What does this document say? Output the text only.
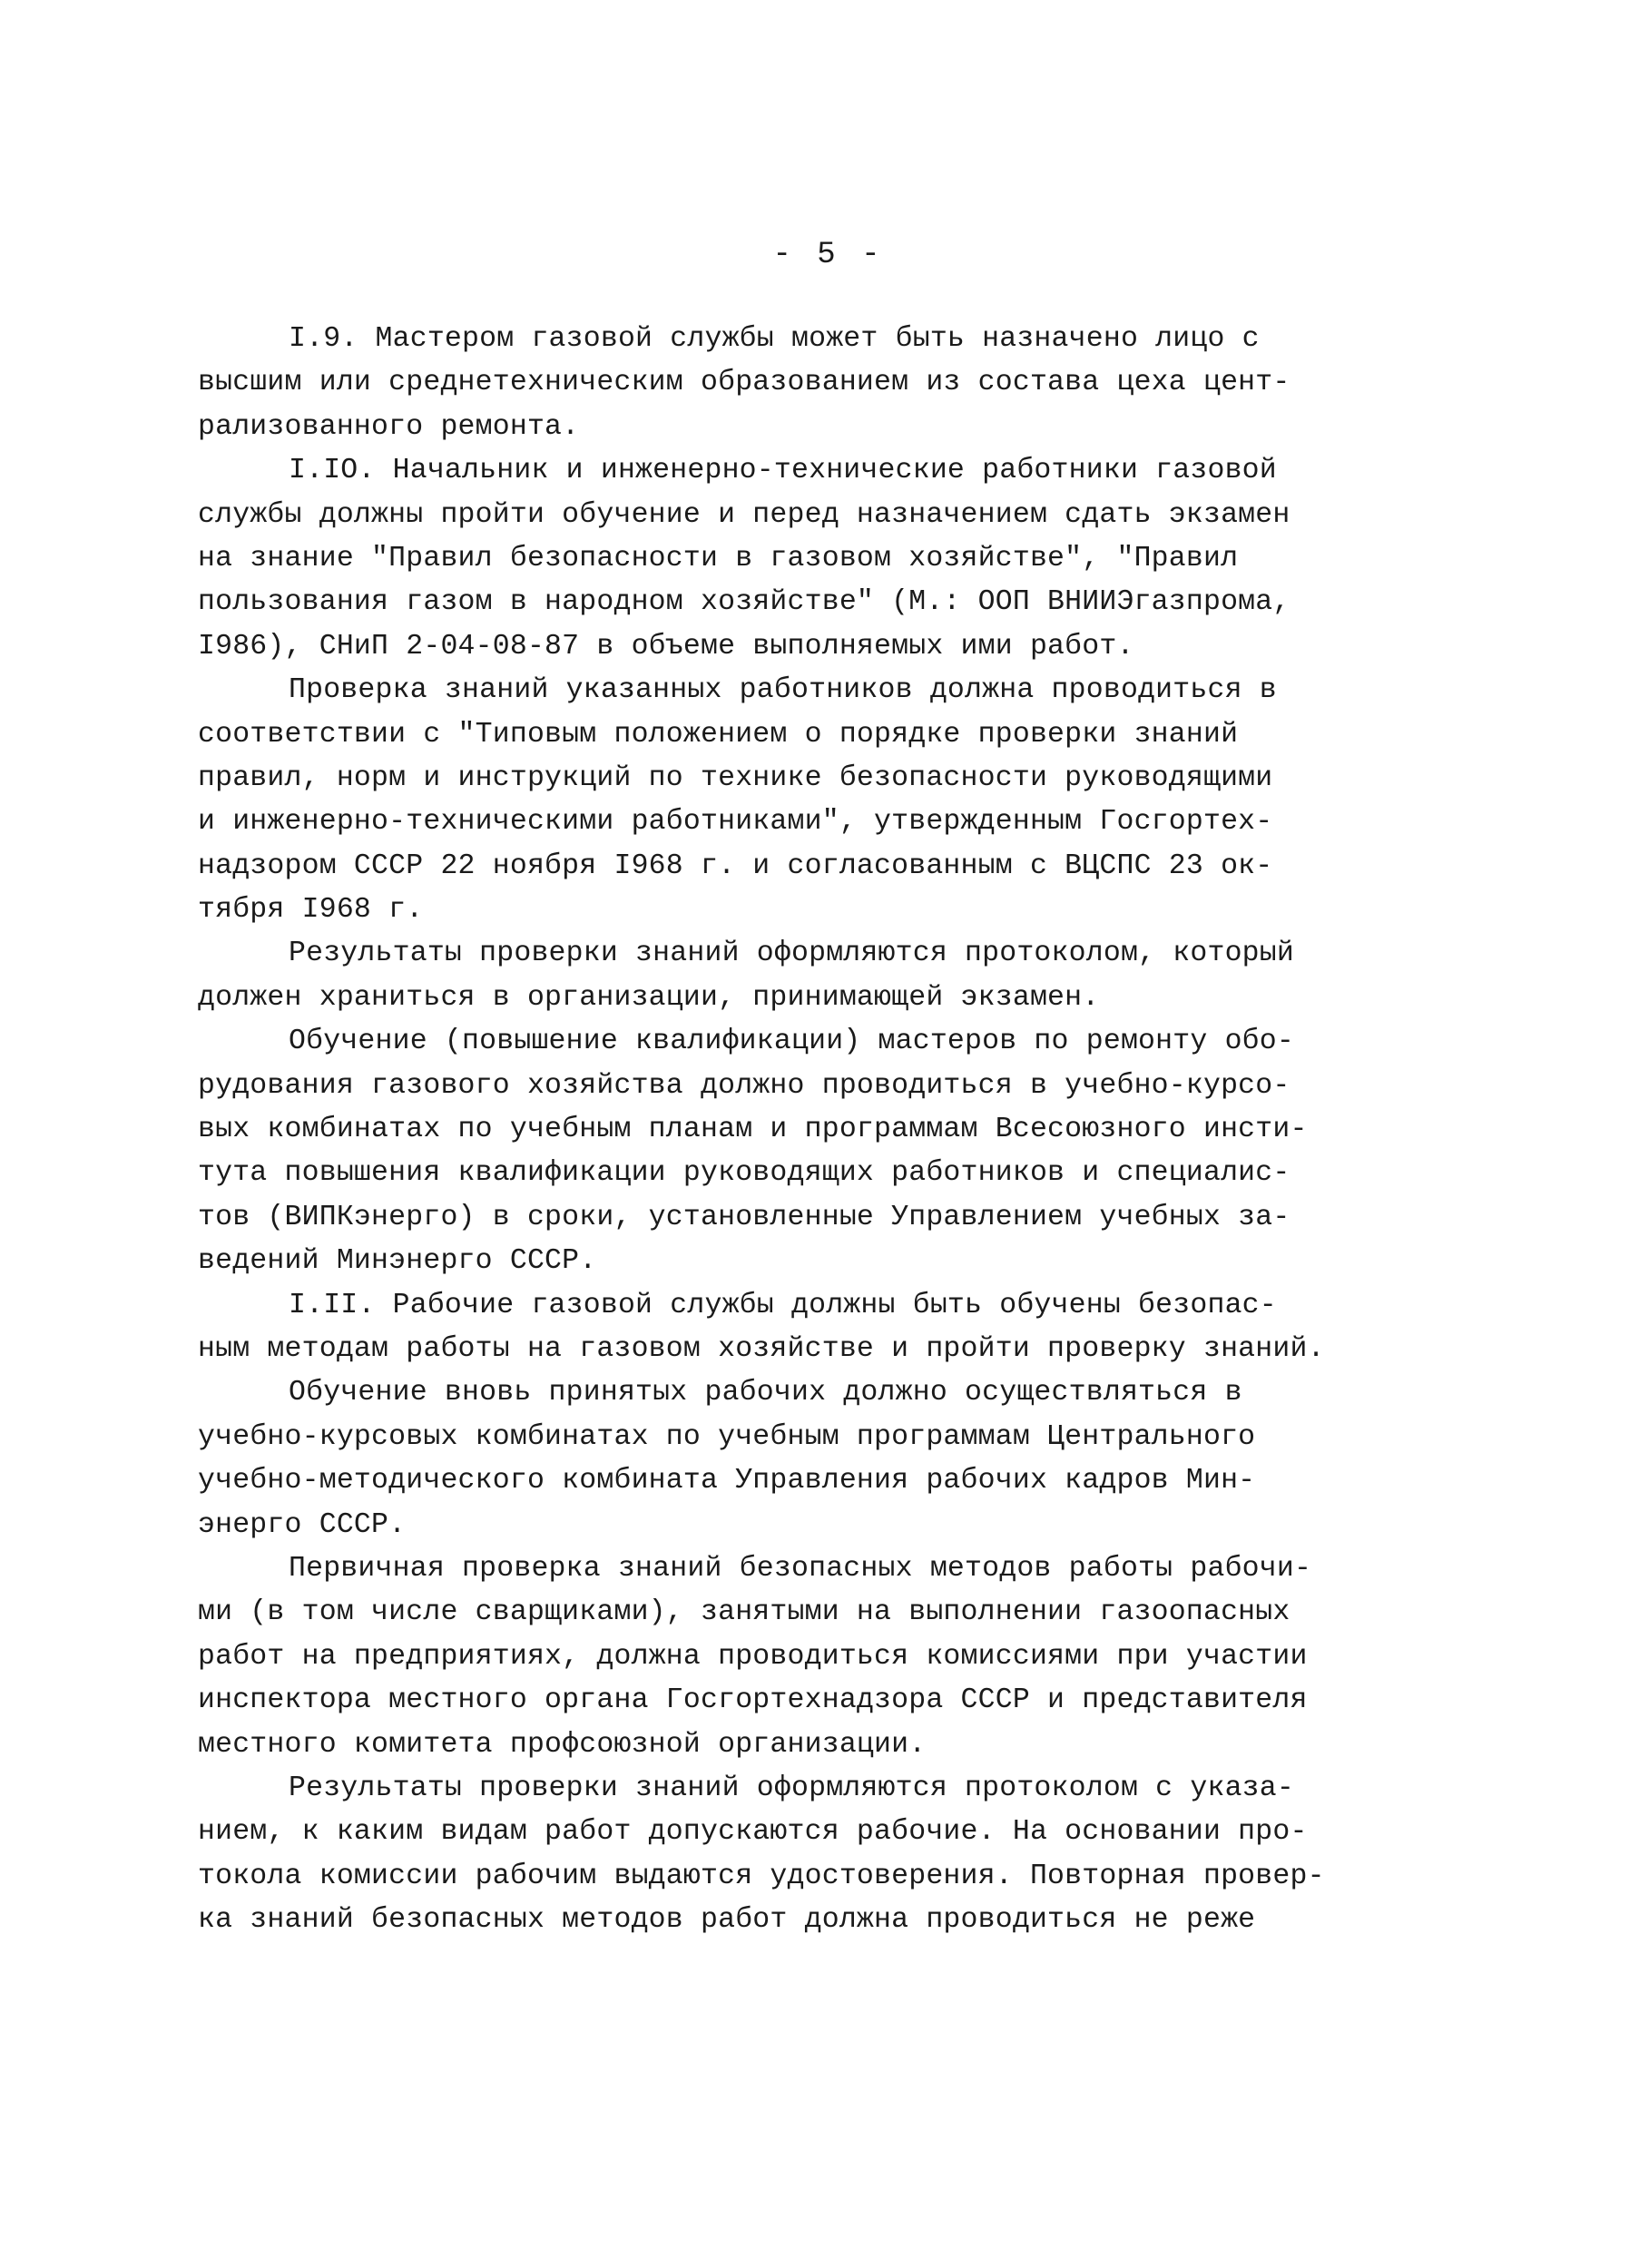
- 5 -
I.9. Мастером газовой службы может быть назначено лицо с
высшим или среднетехническим образованием из состава цеха цент-
рализованного ремонта.
I.IO. Начальник и инженерно-технические работники газовой
службы должны пройти обучение и перед назначением сдать экзамен
на знание "Правил безопасности в газовом хозяйстве", "Правил
пользования газом в народном хозяйстве" (М.: ООП ВНИИЭгазпрома,
I986), СНиП 2-04-08-87 в объеме выполняемых ими работ.
Проверка знаний указанных работников должна проводиться в
соответствии с "Типовым положением о порядке проверки знаний
правил, норм и инструкций по технике безопасности руководящими
и инженерно-техническими работниками", утвержденным Госгортех-
надзором СССР 22 ноября I968 г. и согласованным с ВЦСПС 23 ок-
тября I968 г.
Результаты проверки знаний оформляются протоколом, который
должен храниться в организации, принимающей экзамен.
Обучение (повышение квалификации) мастеров по ремонту обо-
рудования газового хозяйства должно проводиться в учебно-курсо-
вых комбинатах по учебным планам и программам Всесоюзного инсти-
тута повышения квалификации руководящих работников и специалис-
тов (ВИПКэнерго) в сроки, установленные Управлением учебных за-
ведений Минэнерго СССР.
I.II. Рабочие газовой службы должны быть обучены безопас-
ным методам работы на газовом хозяйстве и пройти проверку знаний.
Обучение вновь принятых рабочих должно осуществляться в
учебно-курсовых комбинатах по учебным программам Центрального
учебно-методического комбината Управления рабочих кадров Мин-
энерго СССР.
Первичная проверка знаний безопасных методов работы рабочи-
ми (в том числе сварщиками), занятыми на выполнении газоопасных
работ на предприятиях, должна проводиться комиссиями при участии
инспектора местного органа Госгортехнадзора СССР и представителя
местного комитета профсоюзной организации.
Результаты проверки знаний оформляются протоколом с указа-
нием, к каким видам работ допускаются рабочие. На основании про-
токола комиссии рабочим выдаются удостоверения. Повторная провер-
ка знаний безопасных методов работ должна проводиться не реже
